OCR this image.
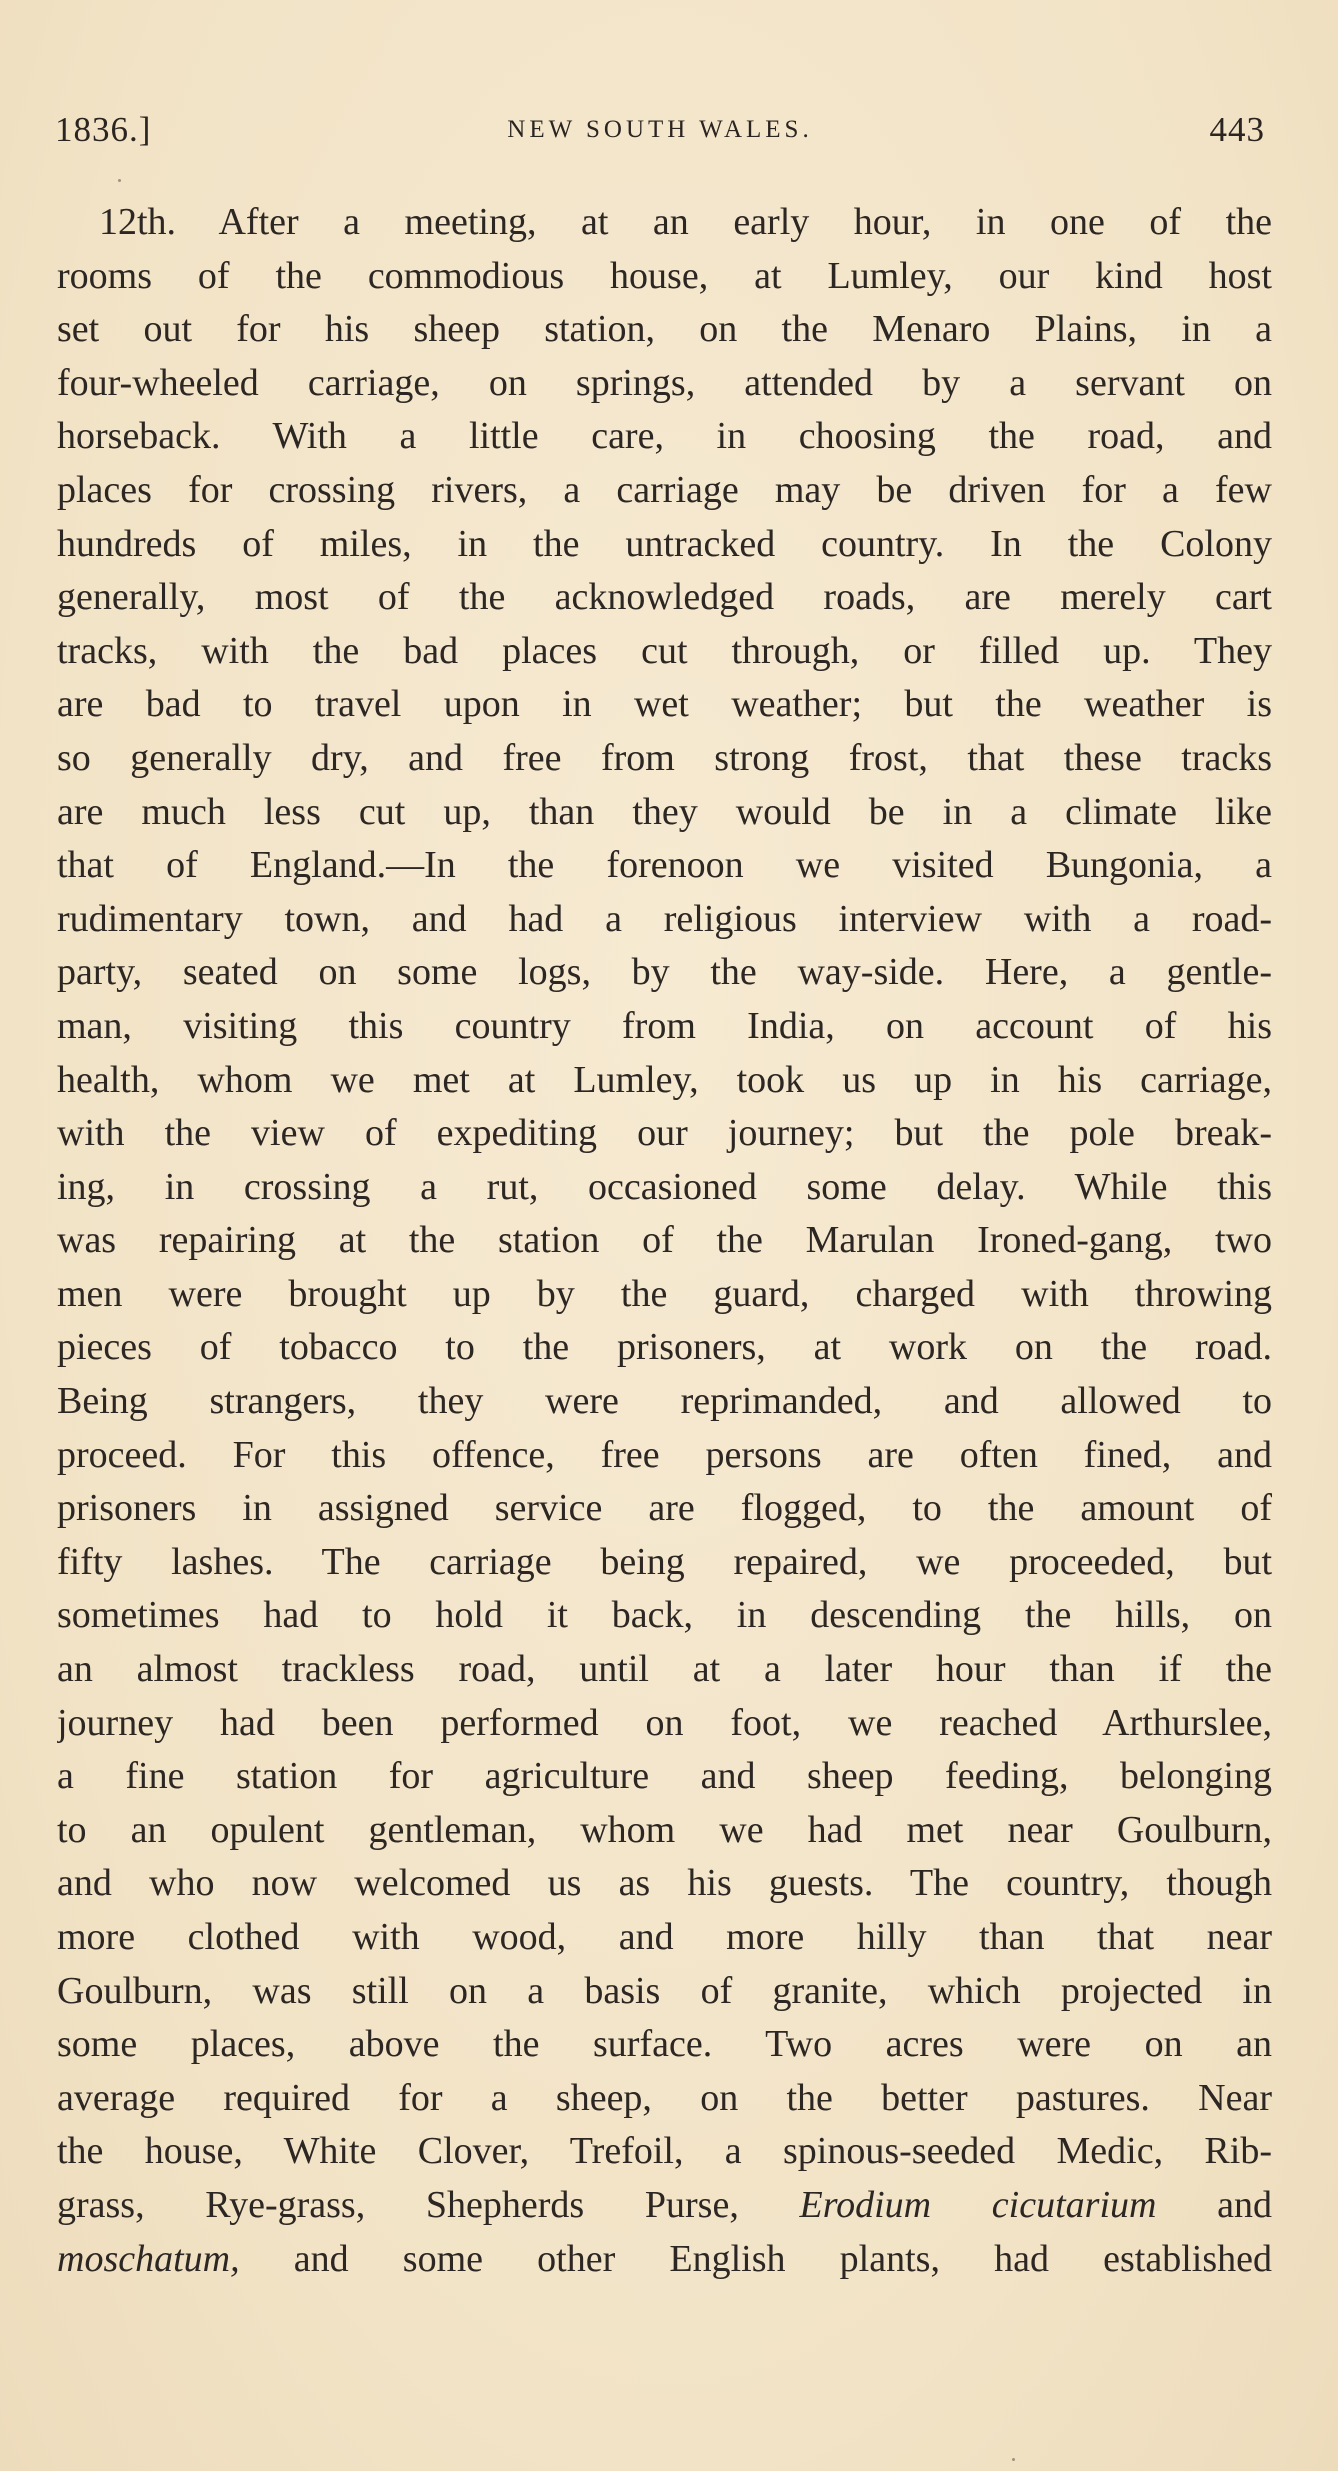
1836.]	NEW SOUTH WALES.	443
12th. After a meeting, at an early hour, in one of the
rooms of the commodious house, at Lumley, our kind host
set out for his sheep station, on the Menaro Plains, in a
four-wheeled carriage, on springs, attended by a servant on
horseback. With a little care, in choosing the road, and
places for crossing rivers, a carriage may be driven for a few
hundreds of miles, in the untracked country. In the Colony
generally, most of the acknowledged roads, are merely cart
tracks, with the bad places cut through, or filled up. They
are bad to travel upon in wet weather; but the weather is
so generally dry, and free from strong frost, that these tracks
are much less cut up, than they would be in a climate like
that of England.—In the forenoon we visited Bungonia, a
rudimentary town, and had a religious interview with a road-
party, seated on some logs, by the way-side. Here, a gentle-
man, visiting this country from India, on account of his
health, whom we met at Lumley, took us up in his carriage,
with the view of expediting our journey; but the pole break-
ing, in crossing a rut, occasioned some delay. While this
was repairing at the station of the Marulan Ironed-gang, two
men were brought up by the guard, charged with throwing
pieces of tobacco to the prisoners, at work on the road.
Being strangers, they were reprimanded, and allowed to
proceed. For this offence, free persons are often fined, and
prisoners in assigned service are flogged, to the amount of
fifty lashes. The carriage being repaired, we proceeded, but
sometimes had to hold it back, in descending the hills, on
an almost trackless road, until at a later hour than if the
journey had been performed on foot, we reached Arthurslee,
a fine station for agriculture and sheep feeding, belonging
to an opulent gentleman, whom we had met near Goulburn,
and who now welcomed us as his guests. The country, though
more clothed with wood, and more hilly than that near
Goulburn, was still on a basis of granite, which projected in
some places, above the surface. Two acres were on an
average required for a sheep, on the better pastures. Near
the house, White Clover, Trefoil, a spinous-seeded Medic, Rib-
grass, Rye-grass, Shepherds Purse, Erodium cicutarium and
moschatum, and some other English plants, had established
